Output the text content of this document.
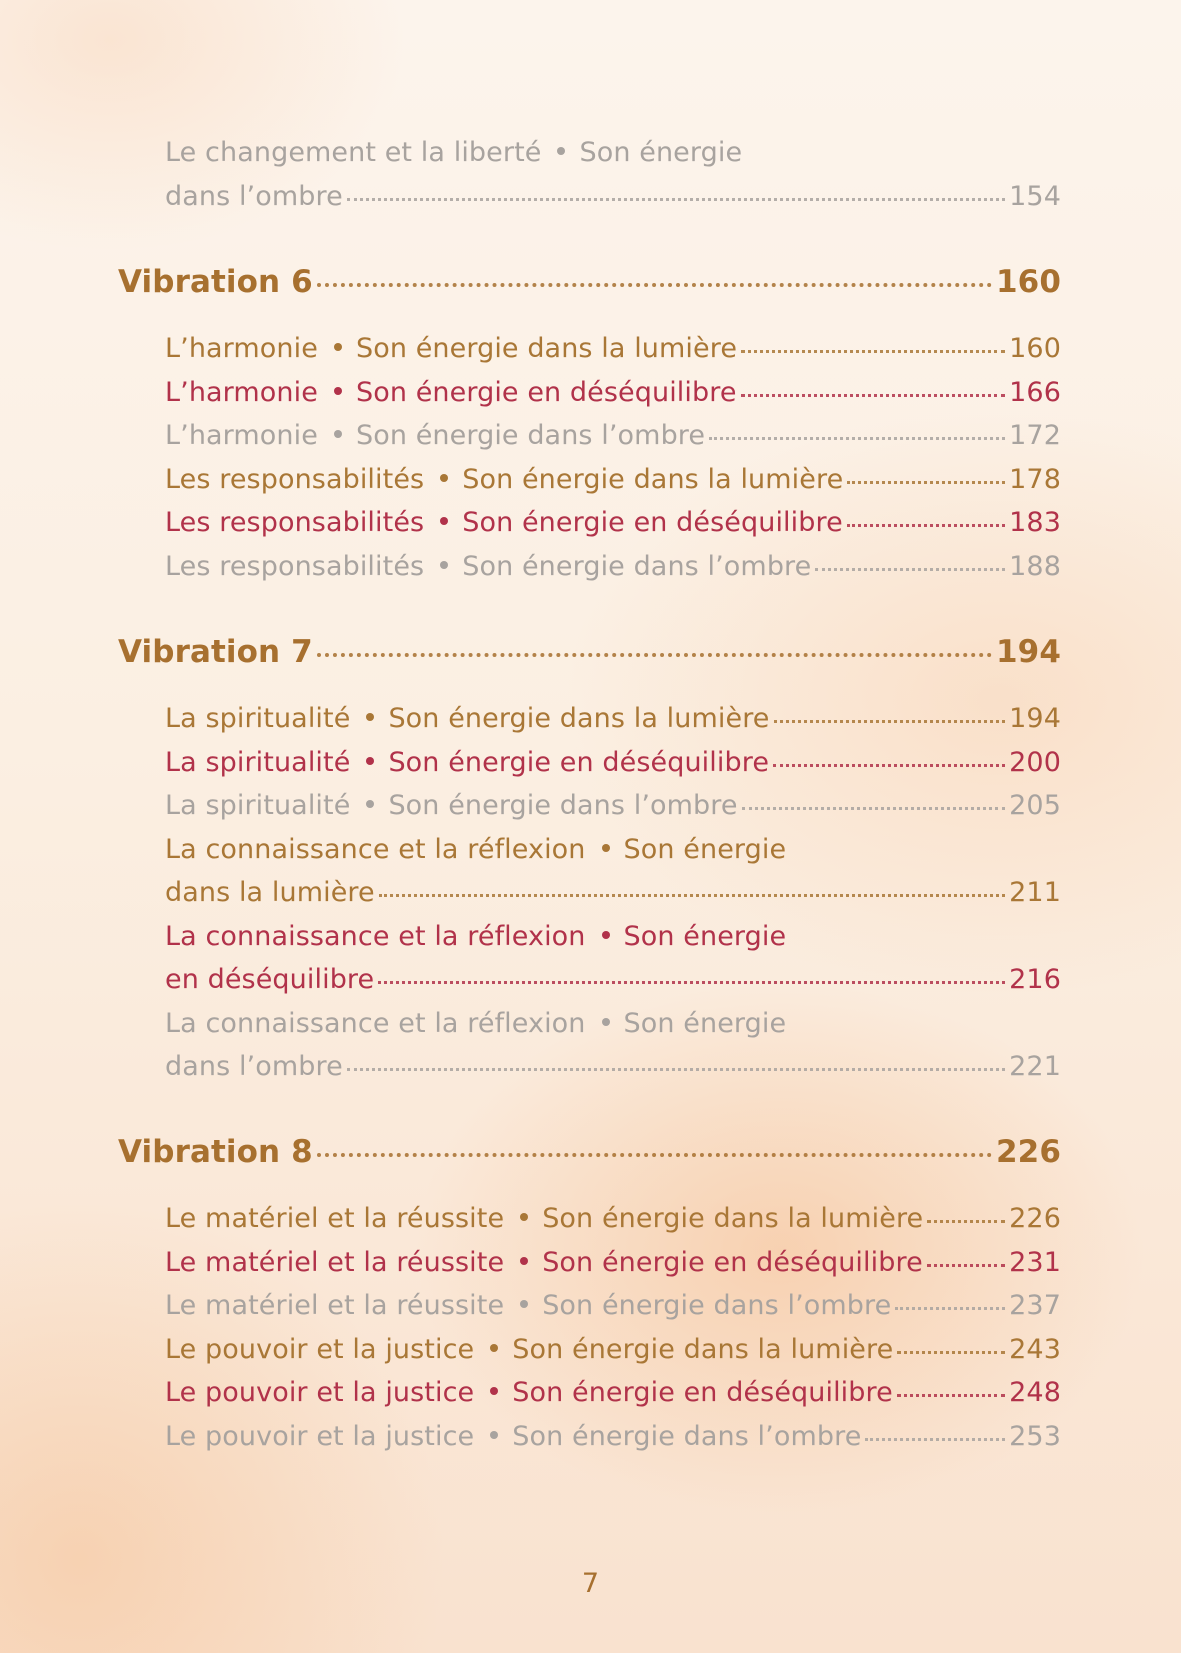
Le changement et la liberté Son énergie
dans l’ombre	154
Vibration 6	160
L’harmonie Son énergie dans la lumière	160
L’harmonie Son énergie en déséquilibre	166
L’harmonie Son énergie dans l’ombre	172
Les responsabilités Son énergie dans la lumière	178
Les responsabilités Son énergie en déséquilibre	183
Les responsabilités Son énergie dans l’ombre	188
Vibration 7	194
La spiritualité Son énergie dans la lumière	194
La spiritualité Son énergie en déséquilibre	200
La spiritualité Son énergie dans l’ombre	205
La connaissance et la réflexion Son énergie
dans la lumière	211
La connaissance et la réflexion Son énergie
en déséquilibre	216
La connaissance et la réflexion Son énergie
dans l’ombre	221
Vibration 8	226
Le matériel et la réussite Son énergie dans la lumière	226
Le matériel et la réussite Son énergie en déséquilibre	231
Le matériel et la réussite Son énergie dans l’ombre	237
Le pouvoir et la justice Son énergie dans la lumière	243
Le pouvoir et la justice Son énergie en déséquilibre	248
Le pouvoir et la justice Son énergie dans l’ombre	253
7
